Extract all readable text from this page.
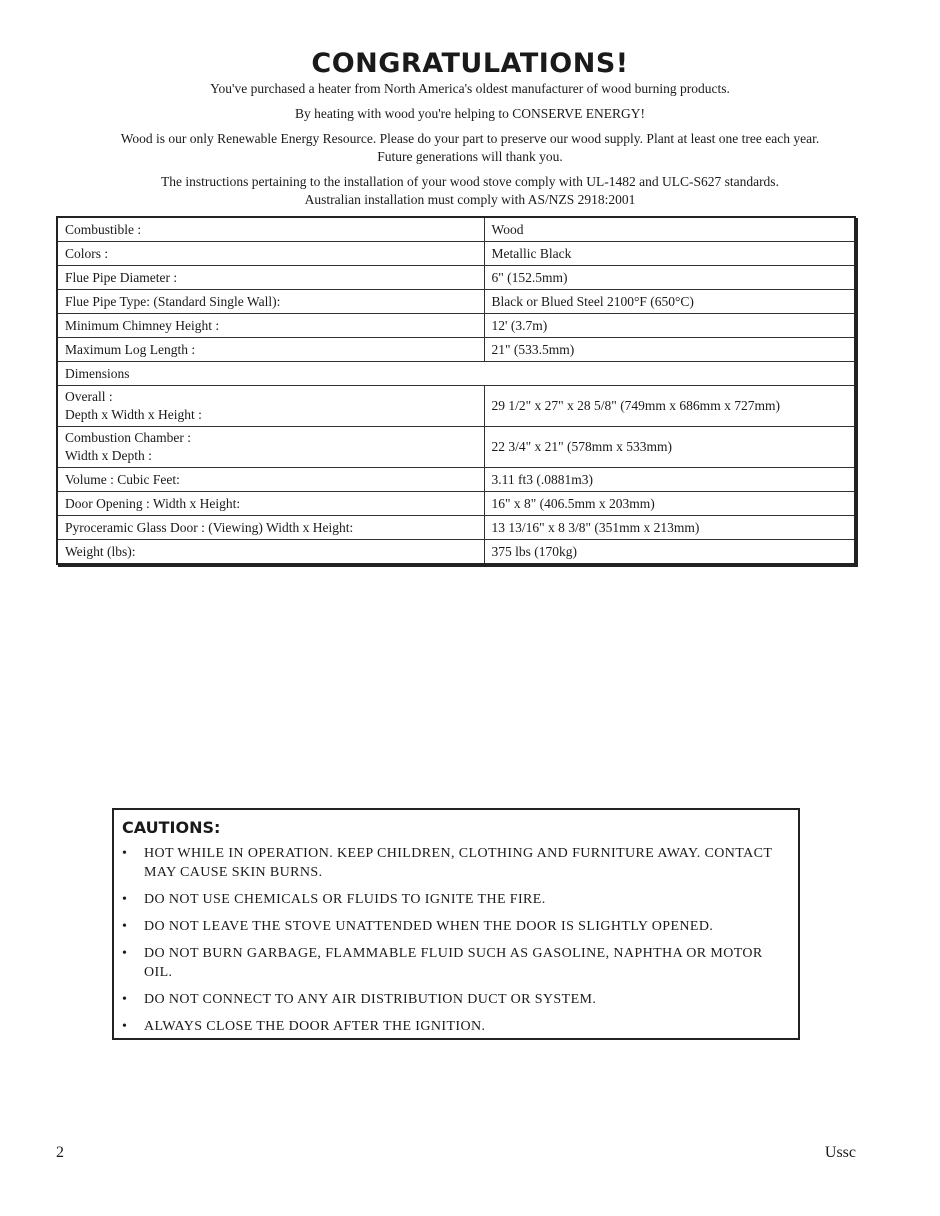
CONGRATULATIONS!

You've purchased a heater from North America's oldest manufacturer of wood burning products.

By heating with wood you're helping to CONSERVE ENERGY!

Wood is our only Renewable Energy Resource. Please do your part to preserve our wood supply. Plant at least one tree each year.

Future generations will thank you.

The instructions pertaining to the installation of your wood stove comply with UL-1482 and ULC-S627 standards.

Australian installation must comply with AS/NZS 2918:2001

Combustible :	Wood
Colors :	Metallic Black
Flue Pipe Diameter :	6" (152.5mm)
Flue Pipe Type: (Standard Single Wall):	Black or Blued Steel 2100°F (650°C)
Minimum Chimney Height :	12' (3.7m)
Maximum Log Length :	21" (533.5mm)
Dimensions	

Overall :
Depth x Width x Height :	29 1/2" x 27" x 28 5/8" (749mm x 686mm x 727mm)

Combustion Chamber :
Width x Depth :	22 3/4" x 21" (578mm x 533mm)
Volume : Cubic Feet:	3.11 ft3 (.0881m3)
Door Opening : Width x Height:	16" x 8" (406.5mm x 203mm)
Pyroceramic Glass Door : (Viewing) Width x Height:	13 13/16" x 8 3/8" (351mm x 213mm)
Weight (lbs):	375 lbs (170kg)
CAUTIONS:
• HOT WHILE IN OPERATION. KEEP CHILDREN, CLOTHING AND FURNITURE AWAY. CONTACT MAY CAUSE SKIN BURNS.
• DO NOT USE CHEMICALS OR FLUIDS TO IGNITE THE FIRE.
• DO NOT LEAVE THE STOVE UNATTENDED WHEN THE DOOR IS SLIGHTLY OPENED.
• DO NOT BURN GARBAGE, FLAMMABLE FLUID SUCH AS GASOLINE, NAPHTHA OR MOTOR OIL.
• DO NOT CONNECT TO ANY AIR DISTRIBUTION DUCT OR SYSTEM.
• ALWAYS CLOSE THE DOOR AFTER THE IGNITION.
2	Ussc
